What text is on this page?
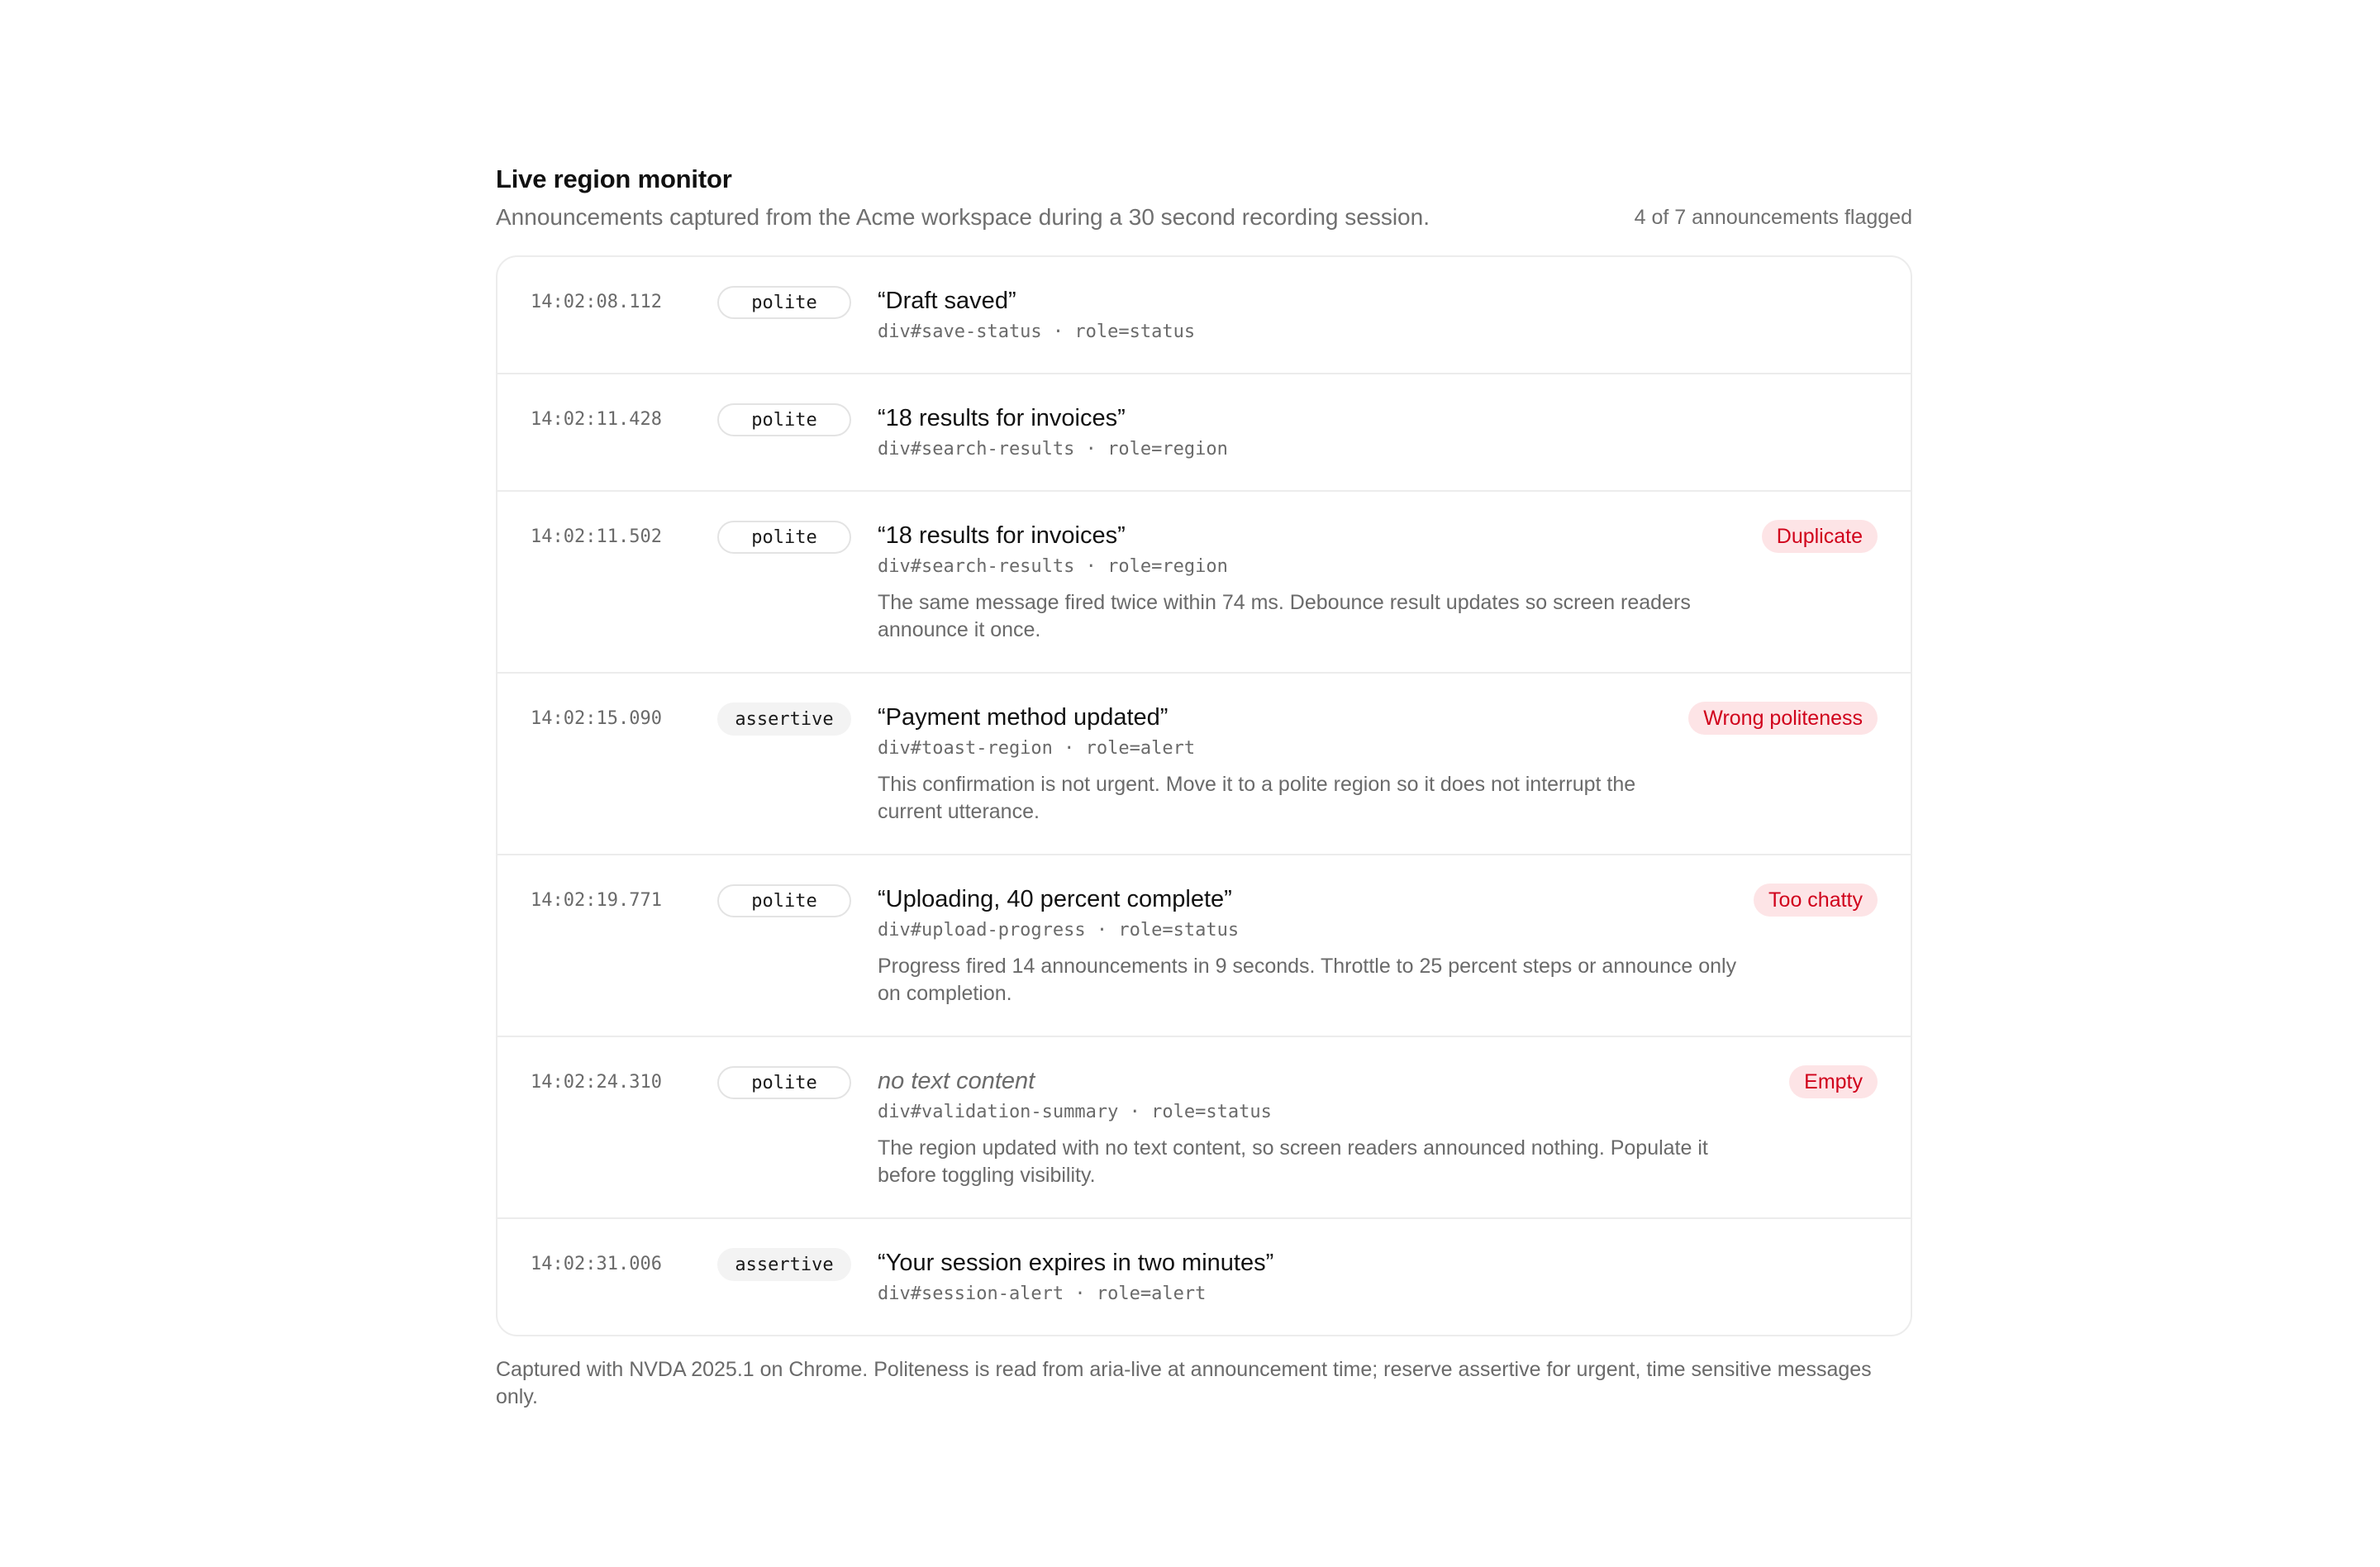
Live region monitor
Announcements captured from the Acme workspace during a 30 second recording session.	4 of 7 announcements flagged
14:02:08.112	polite	“Draft saved”
div#save-status · role=status
14:02:11.428	polite	“18 results for invoices”
div#search-results · role=region
14:02:11.502	polite	“18 results for invoices”
div#search-results · role=region
The same message fired twice within 74 ms. Debounce result updates so screen readers announce it once.
Duplicate
14:02:15.090	assertive	“Payment method updated”
div#toast-region · role=alert
This confirmation is not urgent. Move it to a polite region so it does not interrupt the current utterance.
Wrong politeness
14:02:19.771	polite	“Uploading, 40 percent complete”
div#upload-progress · role=status
Progress fired 14 announcements in 9 seconds. Throttle to 25 percent steps or announce only on completion.
Too chatty
14:02:24.310	polite	no text content
div#validation-summary · role=status
The region updated with no text content, so screen readers announced nothing. Populate it before toggling visibility.
Empty
14:02:31.006	assertive	“Your session expires in two minutes”
div#session-alert · role=alert
Captured with NVDA 2025.1 on Chrome. Politeness is read from aria-live at announcement time; reserve assertive for urgent, time sensitive messages only.
